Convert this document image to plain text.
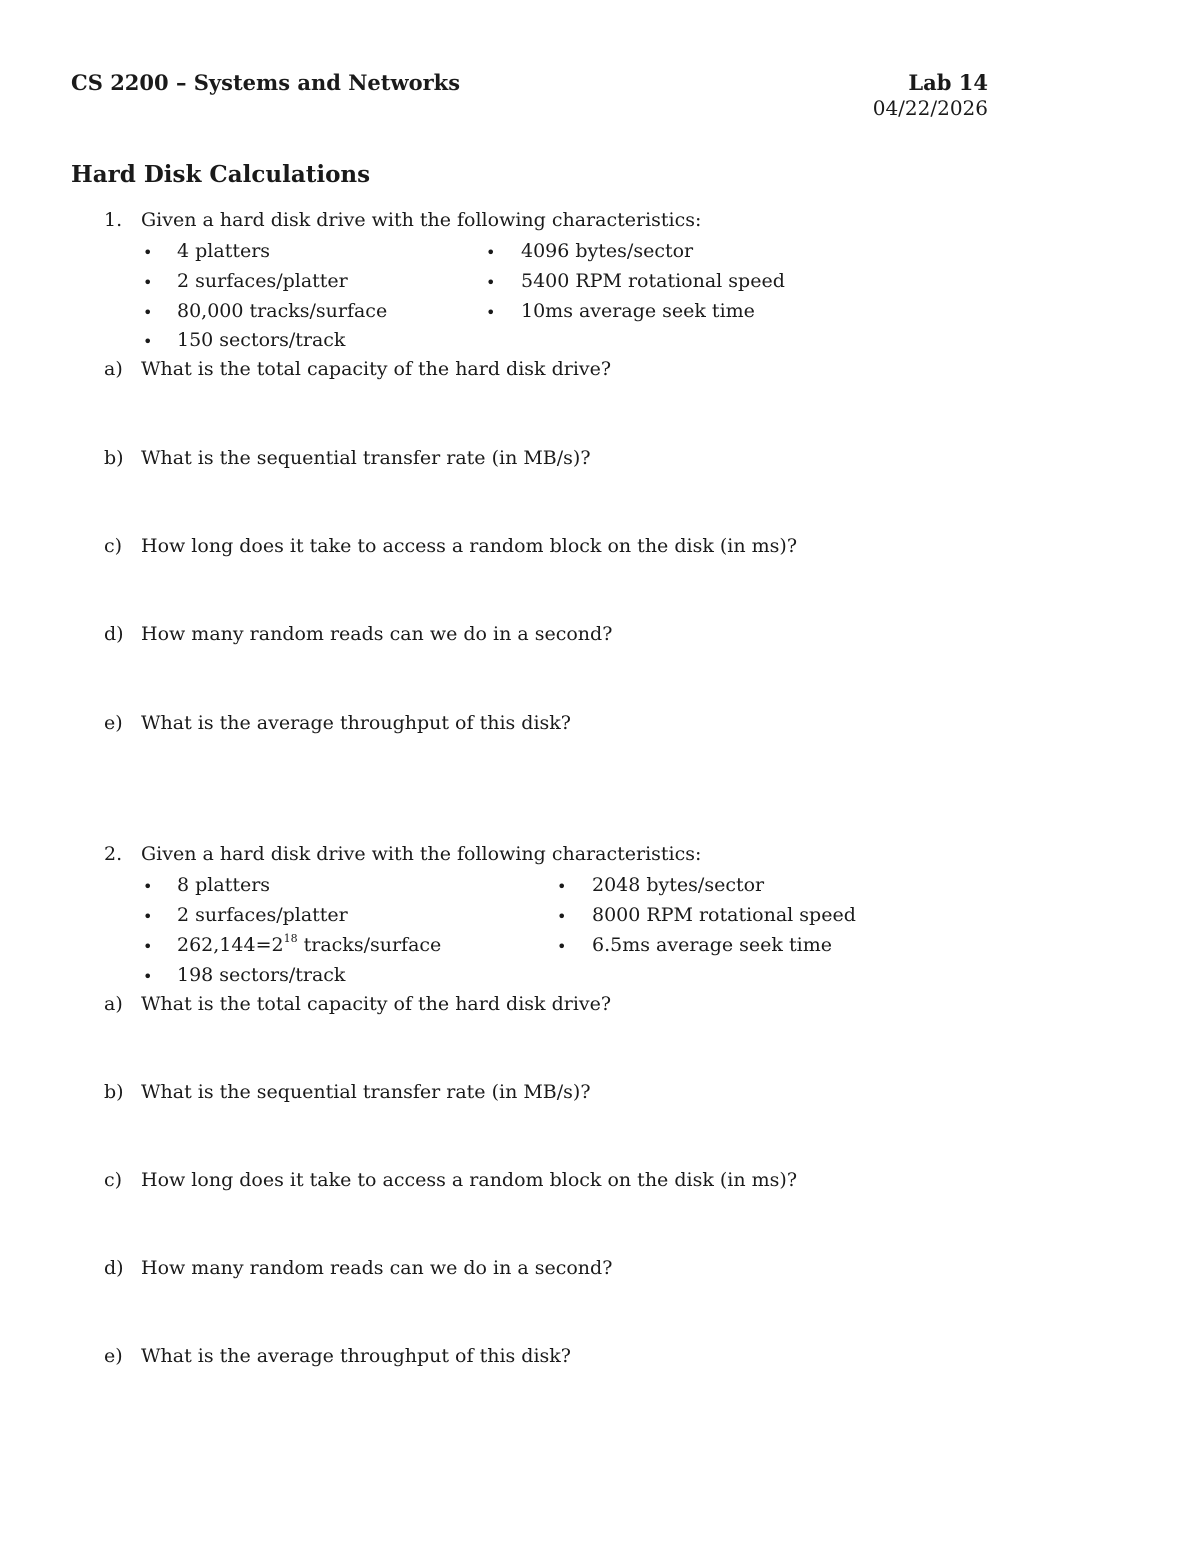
CS 2200 – Systems and Networks	Lab 14
04/22/2026
Hard Disk Calculations
1. Given a hard disk drive with the following characteristics:
• 4 platters
• 2 surfaces/platter
• 80,000 tracks/surface
• 150 sectors/track
• 4096 bytes/sector
• 5400 RPM rotational speed
• 10ms average seek time
a) What is the total capacity of the hard disk drive?
b) What is the sequential transfer rate (in MB/s)?
c) How long does it take to access a random block on the disk (in ms)?
d) How many random reads can we do in a second?
e) What is the average throughput of this disk?
2. Given a hard disk drive with the following characteristics:
• 8 platters
• 2 surfaces/platter
• $262,144=2^{18}$ tracks/surface
• 198 sectors/track
• 2048 bytes/sector
• 8000 RPM rotational speed
• 6.5ms average seek time
a) What is the total capacity of the hard disk drive?
b) What is the sequential transfer rate (in MB/s)?
c) How long does it take to access a random block on the disk (in ms)?
d) How many random reads can we do in a second?
e) What is the average throughput of this disk?
